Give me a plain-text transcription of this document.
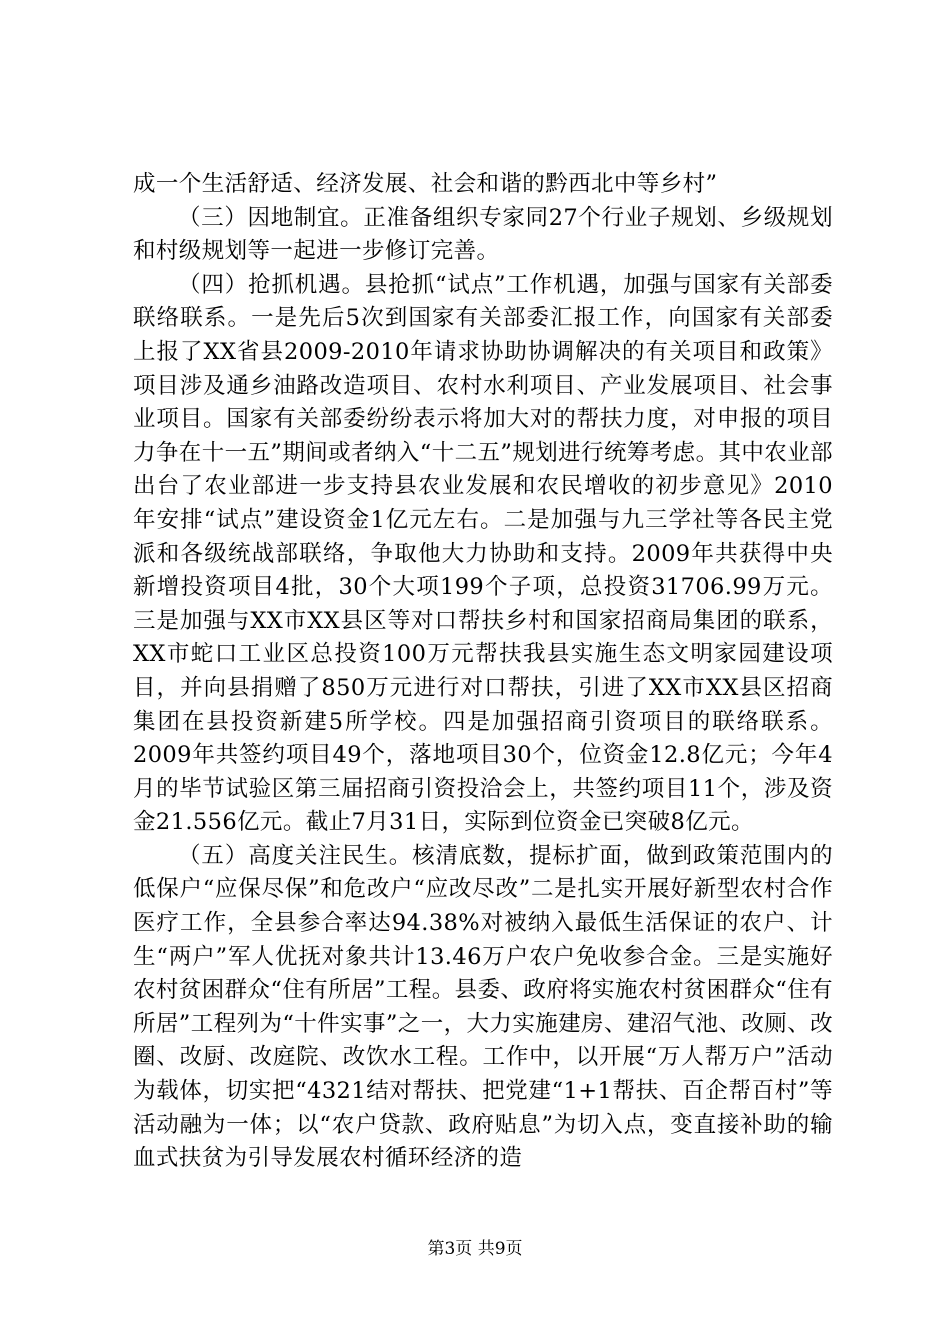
成一个生活舒适、经济发展、社会和谐的黔西北中等乡村”

（三）因地制宜。正准备组织专家同27个行业子规划、乡级规划和村级规划等一起进一步修订完善。

（四）抢抓机遇。县抢抓“试点”工作机遇，加强与国家有关部委联络联系。一是先后5次到国家有关部委汇报工作，向国家有关部委上报了XX省县2009-2010年请求协助协调解决的有关项目和政策》项目涉及通乡油路改造项目、农村水利项目、产业发展项目、社会事业项目。国家有关部委纷纷表示将加大对的帮扶力度，对申报的项目力争在十一五”期间或者纳入“十二五”规划进行统筹考虑。其中农业部出台了农业部进一步支持县农业发展和农民增收的初步意见》2010年安排“试点”建设资金1亿元左右。二是加强与九三学社等各民主党派和各级统战部联络，争取他大力协助和支持。2009年共获得中央新增投资项目4批，30个大项199个子项，总投资31706.99万元。三是加强与XX市XX县区等对口帮扶乡村和国家招商局集团的联系，XX市蛇口工业区总投资100万元帮扶我县实施生态文明家园建设项目，并向县捐赠了850万元进行对口帮扶，引进了XX市XX县区招商集团在县投资新建5所学校。四是加强招商引资项目的联络联系。2009年共签约项目49个，落地项目30个，位资金12.8亿元；今年4月的毕节试验区第三届招商引资投洽会上，共签约项目11个，涉及资金21.556亿元。截止7月31日，实际到位资金已突破8亿元。

（五）高度关注民生。核清底数，提标扩面，做到政策范围内的低保户“应保尽保”和危改户“应改尽改”二是扎实开展好新型农村合作医疗工作，全县参合率达94.38%对被纳入最低生活保证的农户、计生“两户”军人优抚对象共计13.46万户农户免收参合金。三是实施好农村贫困群众“住有所居”工程。县委、政府将实施农村贫困群众“住有所居”工程列为“十件实事”之一，大力实施建房、建沼气池、改厕、改圈、改厨、改庭院、改饮水工程。工作中，以开展“万人帮万户”活动为载体，切实把“4321结对帮扶、把党建“1+1帮扶、百企帮百村”等活动融为一体；以“农户贷款、政府贴息”为切入点，变直接补助的输血式扶贫为引导发展农村循环经济的造

第3页 共9页
